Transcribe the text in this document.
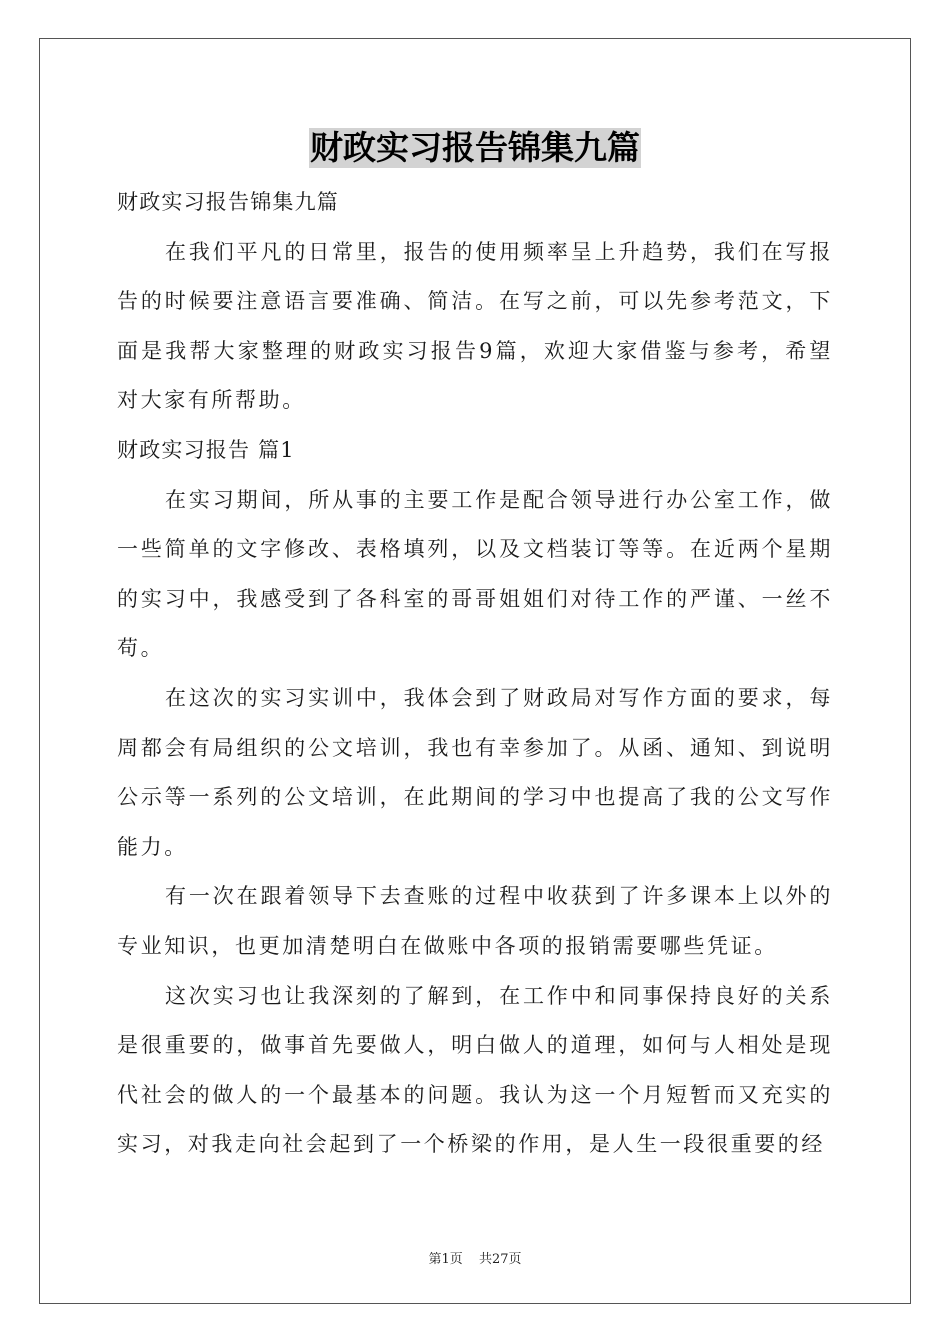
财政实习报告锦集九篇

财政实习报告锦集九篇

在我们平凡的日常里，报告的使用频率呈上升趋势，我们在写报告的时候要注意语言要准确、简洁。在写之前，可以先参考范文，下面是我帮大家整理的财政实习报告9篇，欢迎大家借鉴与参考，希望对大家有所帮助。

财政实习报告 篇1

在实习期间，所从事的主要工作是配合领导进行办公室工作，做一些简单的文字修改、表格填列，以及文档装订等等。在近两个星期的实习中，我感受到了各科室的哥哥姐姐们对待工作的严谨、一丝不苟。

在这次的实习实训中，我体会到了财政局对写作方面的要求，每周都会有局组织的公文培训，我也有幸参加了。从函、通知、到说明公示等一系列的公文培训，在此期间的学习中也提高了我的公文写作能力。

有一次在跟着领导下去查账的过程中收获到了许多课本上以外的专业知识，也更加清楚明白在做账中各项的报销需要哪些凭证。

这次实习也让我深刻的了解到，在工作中和同事保持良好的关系是很重要的，做事首先要做人，明白做人的道理，如何与人相处是现代社会的做人的一个最基本的问题。我认为这一个月短暂而又充实的实习，对我走向社会起到了一个桥梁的作用，是人生一段很重要的经

第1页 共27页
